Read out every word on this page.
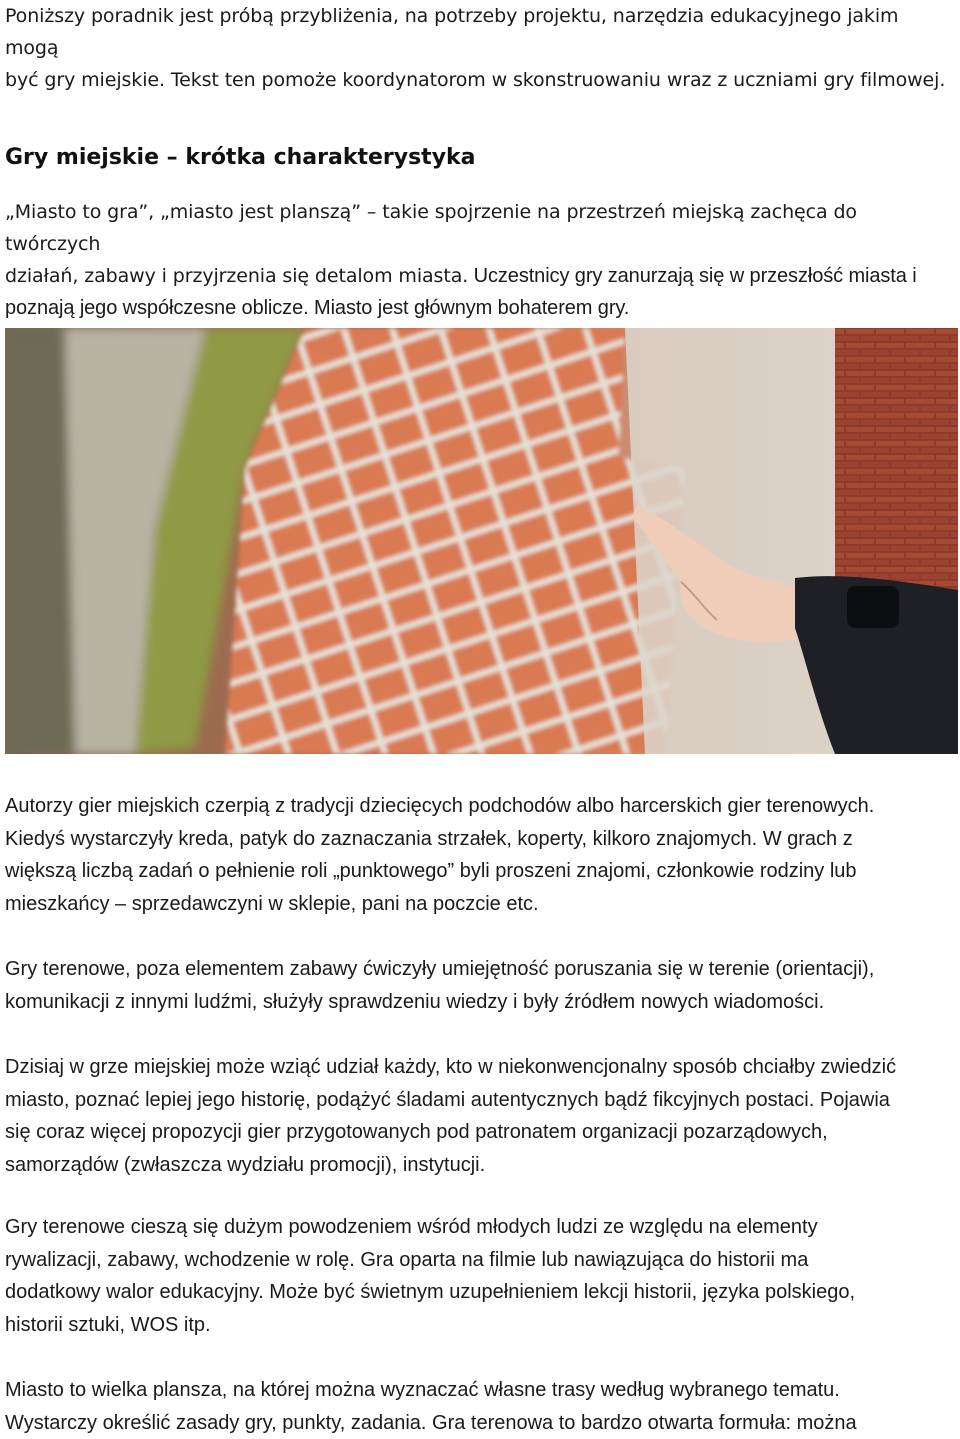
Poniższy poradnik jest próbą przybliżenia, na potrzeby projektu, narzędzia edukacyjnego jakim mogą

być gry miejskie. Tekst ten pomoże koordynatorom w skonstruowaniu wraz z uczniami gry filmowej.

Gry miejskie – krótka charakterystyka

„Miasto to gra”, „miasto jest planszą” – takie spojrzenie na przestrzeń miejską zachęca do twórczych

działań, zabawy i przyjrzenia się detalom miasta. Uczestnicy gry zanurzają się w przeszłość miasta i

poznają jego współczesne oblicze. Miasto jest głównym bohaterem gry.

Autorzy gier miejskich czerpią z tradycji dziecięcych podchodów albo harcerskich gier terenowych.

Kiedyś wystarczyły kreda, patyk do zaznaczania strzałek, koperty, kilkoro znajomych. W grach z

większą liczbą zadań o pełnienie roli „punktowego” byli proszeni znajomi, członkowie rodziny lub

mieszkańcy – sprzedawczyni w sklepie, pani na poczcie etc.

Gry terenowe, poza elementem zabawy ćwiczyły umiejętność poruszania się w terenie (orientacji),

komunikacji z innymi ludźmi, służyły sprawdzeniu wiedzy i były źródłem nowych wiadomości.

Dzisiaj w grze miejskiej może wziąć udział każdy, kto w niekonwencjonalny sposób chciałby zwiedzić

miasto, poznać lepiej jego historię, podążyć śladami autentycznych bądź fikcyjnych postaci. Pojawia

się coraz więcej propozycji gier przygotowanych pod patronatem organizacji pozarządowych,

samorządów (zwłaszcza wydziału promocji), instytucji.

Gry terenowe cieszą się dużym powodzeniem wśród młodych ludzi ze względu na elementy

rywalizacji, zabawy, wchodzenie w rolę. Gra oparta na filmie lub nawiązująca do historii ma

dodatkowy walor edukacyjny. Może być świetnym uzupełnieniem lekcji historii, języka polskiego,

historii sztuki, WOS itp.

Miasto to wielka plansza, na której można wyznaczać własne trasy według wybranego tematu.

Wystarczy określić zasady gry, punkty, zadania. Gra terenowa to bardzo otwarta formuła: można
